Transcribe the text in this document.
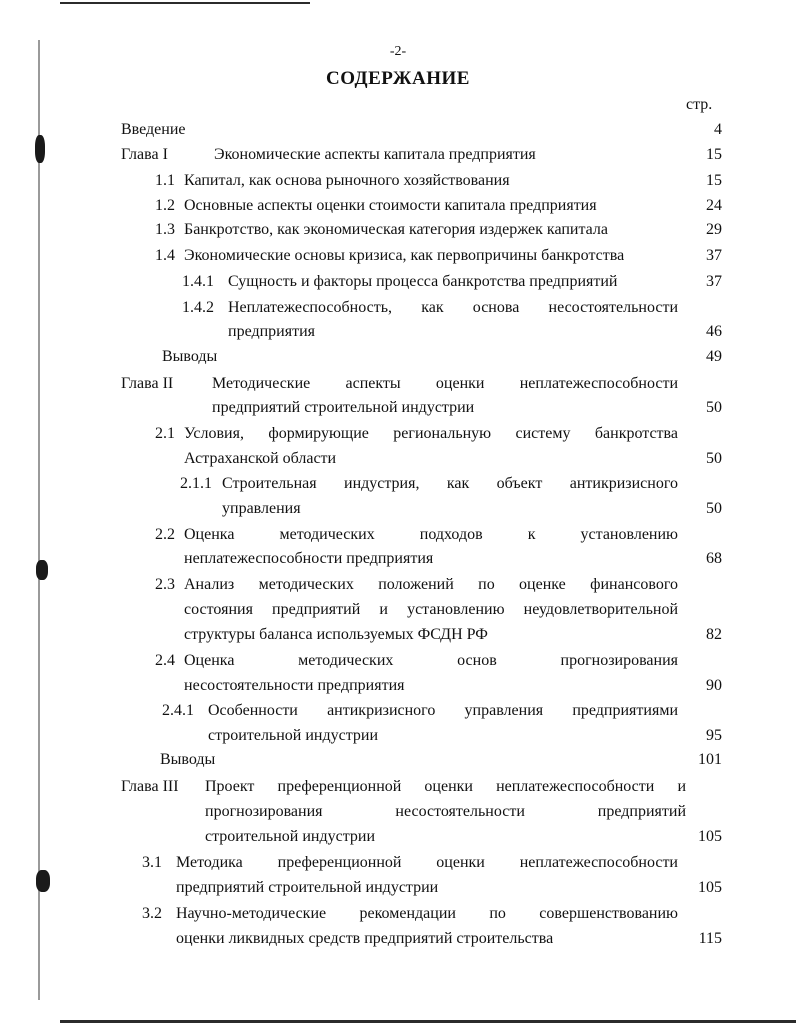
-2-
СОДЕРЖАНИЕ
стр.
Введение	4
Глава I	Экономические аспекты капитала предприятия	15
1.1 Капитал, как основа рыночного хозяйствования	15
1.2 Основные аспекты оценки стоимости капитала предприятия	24
1.3 Банкротство, как экономическая категория издержек капитала	29
1.4 Экономические основы кризиса, как первопричины банкротства	37
1.4.1 Сущность и факторы процесса банкротства предприятий	37
1.4.2 Неплатежеспособность, как основа несостоятельности
предприятия	46
Выводы	49
Глава II Методические аспекты оценки неплатежеспособности
предприятий строительной индустрии	50
2.1 Условия, формирующие региональную систему банкротства
Астраханской области	50
2.1.1 Строительная индустрия, как объект антикризисного
управления	50
2.2 Оценка методических подходов к установлению
неплатежеспособности предприятия	68
2.3 Анализ методических положений по оценке финансового
состояния предприятий и установлению неудовлетворительной
структуры баланса используемых ФСДН РФ	82
2.4 Оценка методических основ прогнозирования
несостоятельности предприятия	90
2.4.1 Особенности антикризисного управления предприятиями
строительной индустрии	95
Выводы	101
Глава III Проект преференционной оценки неплатежеспособности и
прогнозирования несостоятельности предприятий
строительной индустрии	105
3.1 Методика преференционной оценки неплатежеспособности
предприятий строительной индустрии	105
3.2 Научно-методические рекомендации по совершенствованию
оценки ликвидных средств предприятий строительства	115
